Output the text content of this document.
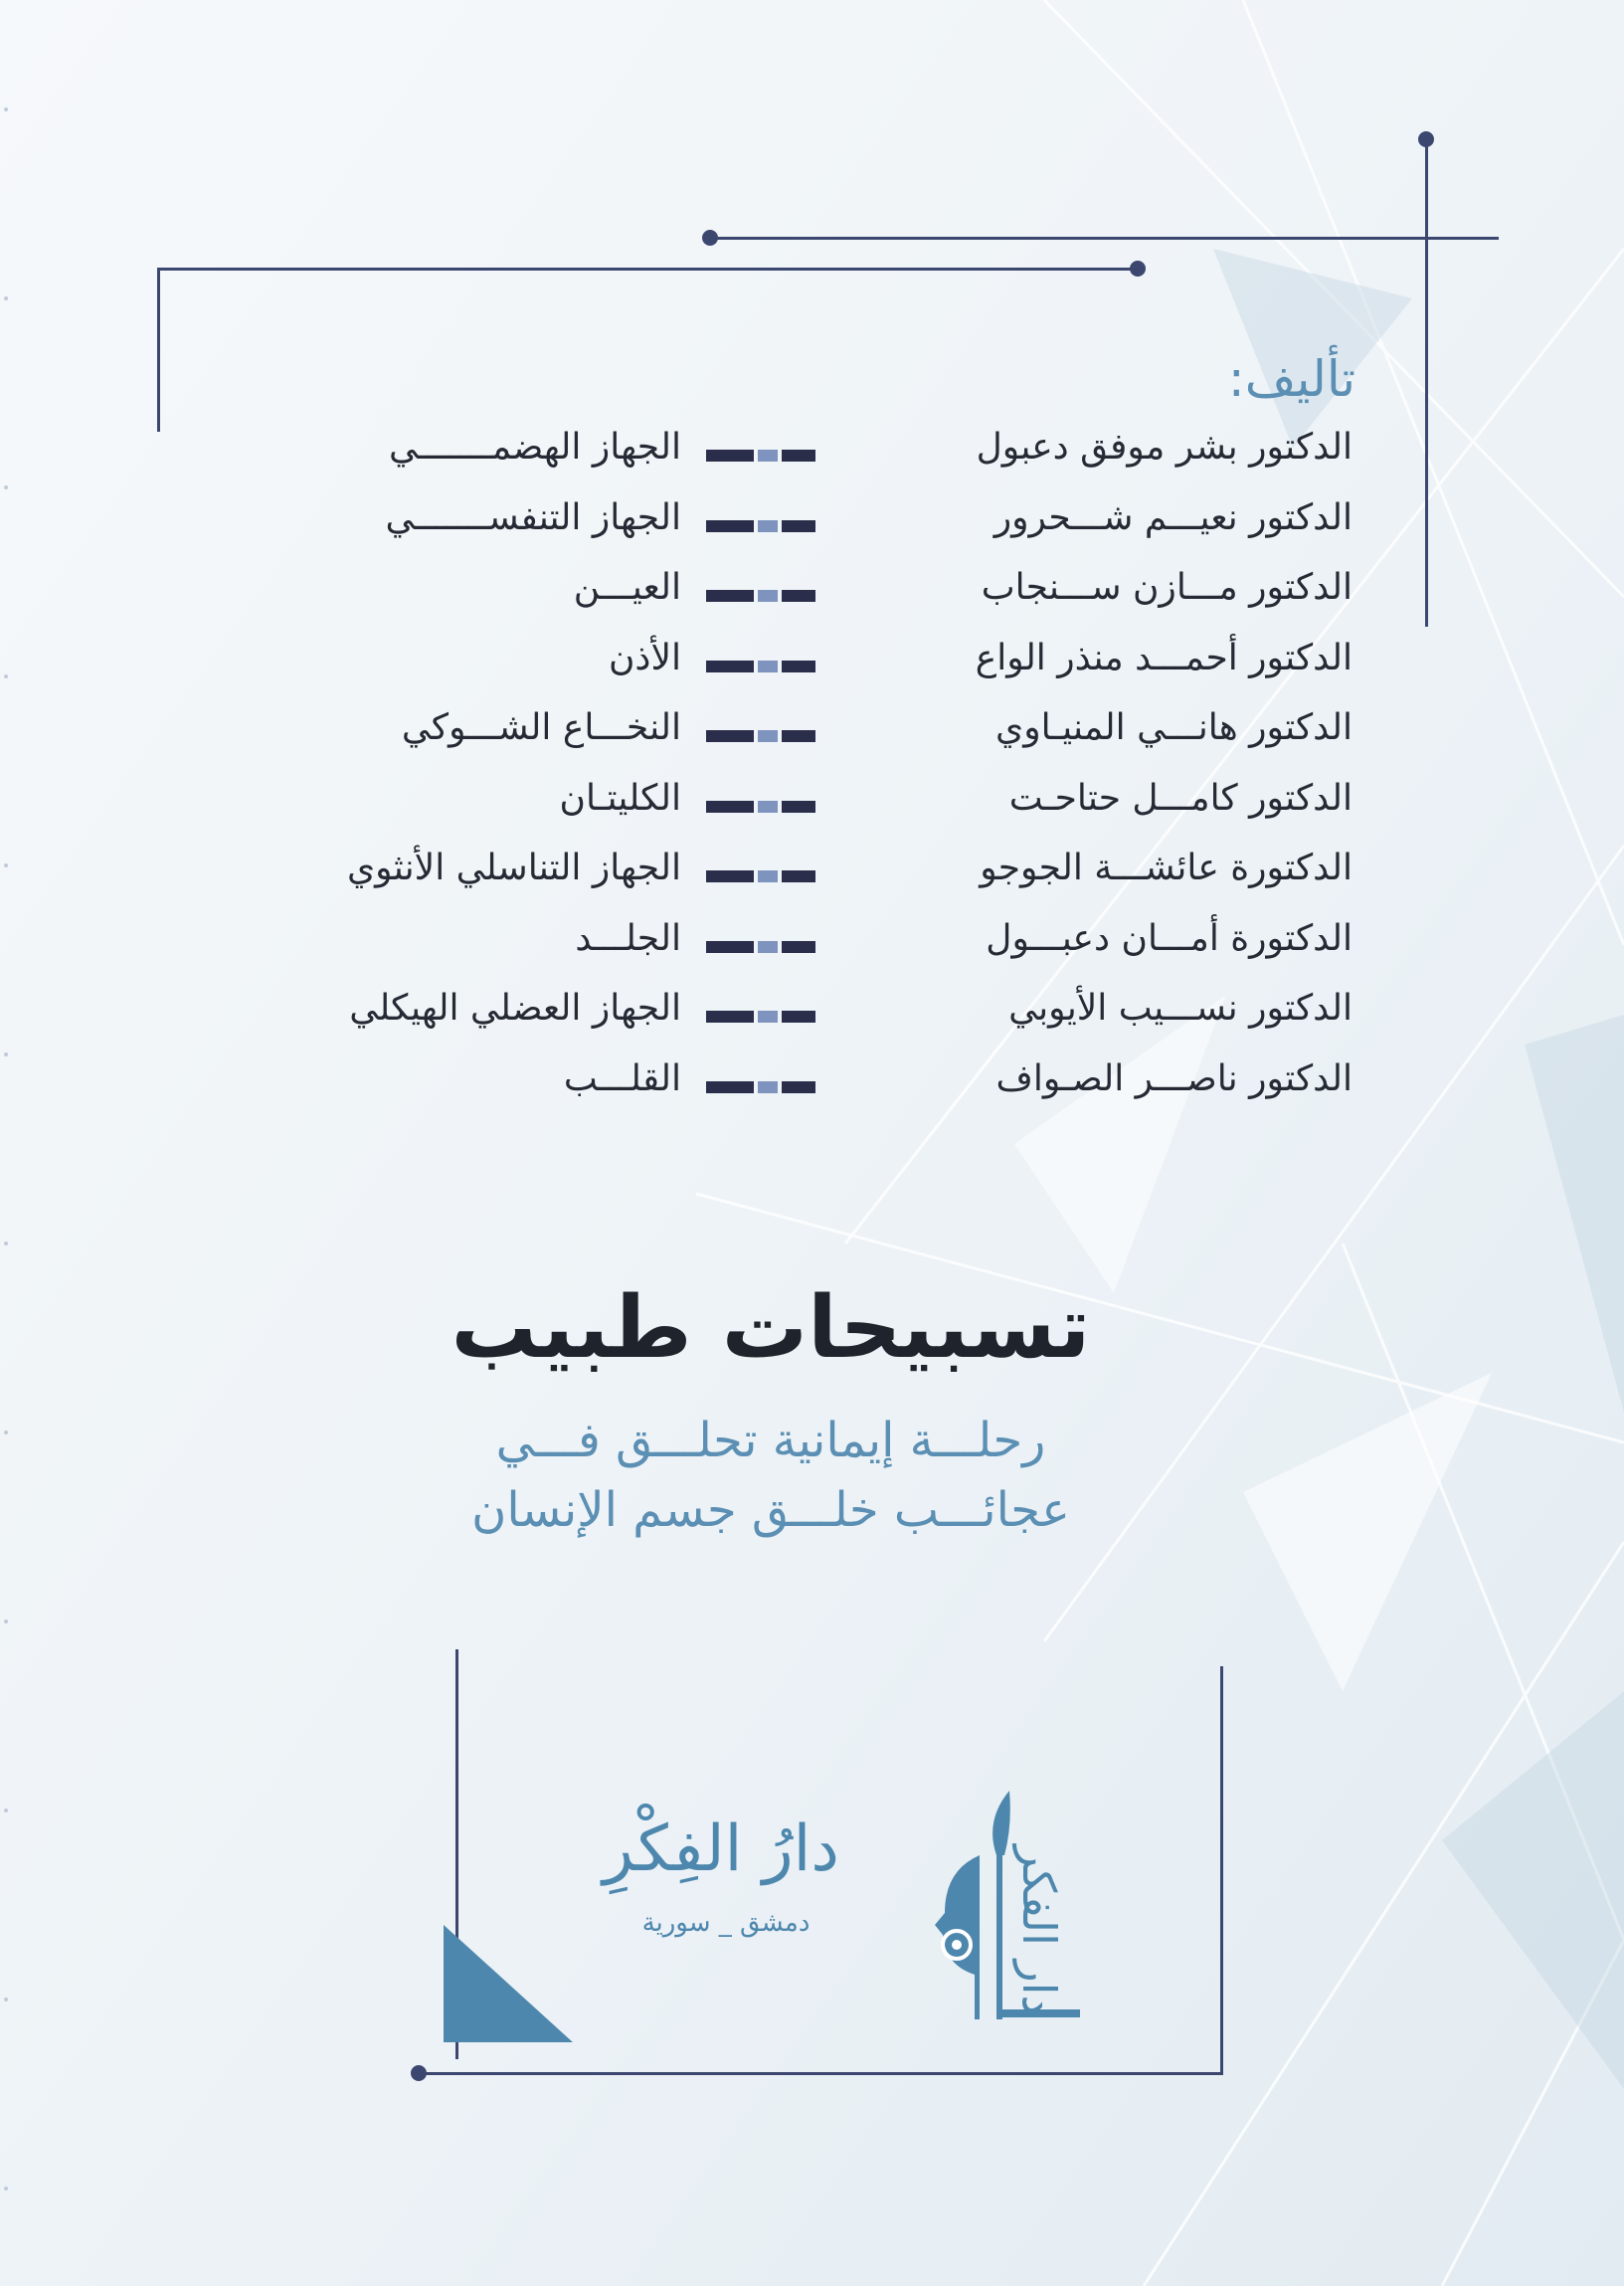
تأليف:
الدكتور بشر موفق دعبول
الجهاز الهضمـــــــي
الدكتور نعيـــم شـــحرور
الجهاز التنفســـــــي
الدكتور مـــازن ســـنجاب
العيـــن
الدكتور أحمـــد منذر الواع
الأذن
الدكتور هانـــي المنيـاوي
النخـــاع الشـــوكي
الدكتور كامـــل حتاحـت
الكليتـان
الدكتورة عائشـــة الجوجو
الجهاز التناسلي الأنثوي
الدكتورة أمـــان دعبـــول
الجلـــد
الدكتور نســـيب الأيوبي
الجهاز العضلي الهيكلي
الدكتور ناصـــر الصـواف
القلـــب
تسبيحات طبيب
رحلـــة إيمانية تحلـــق فـــي
عجائـــب خلـــق جسم الإنسان
دارُ الفِكْرِ
دمشق _ سورية	دار الفكر
